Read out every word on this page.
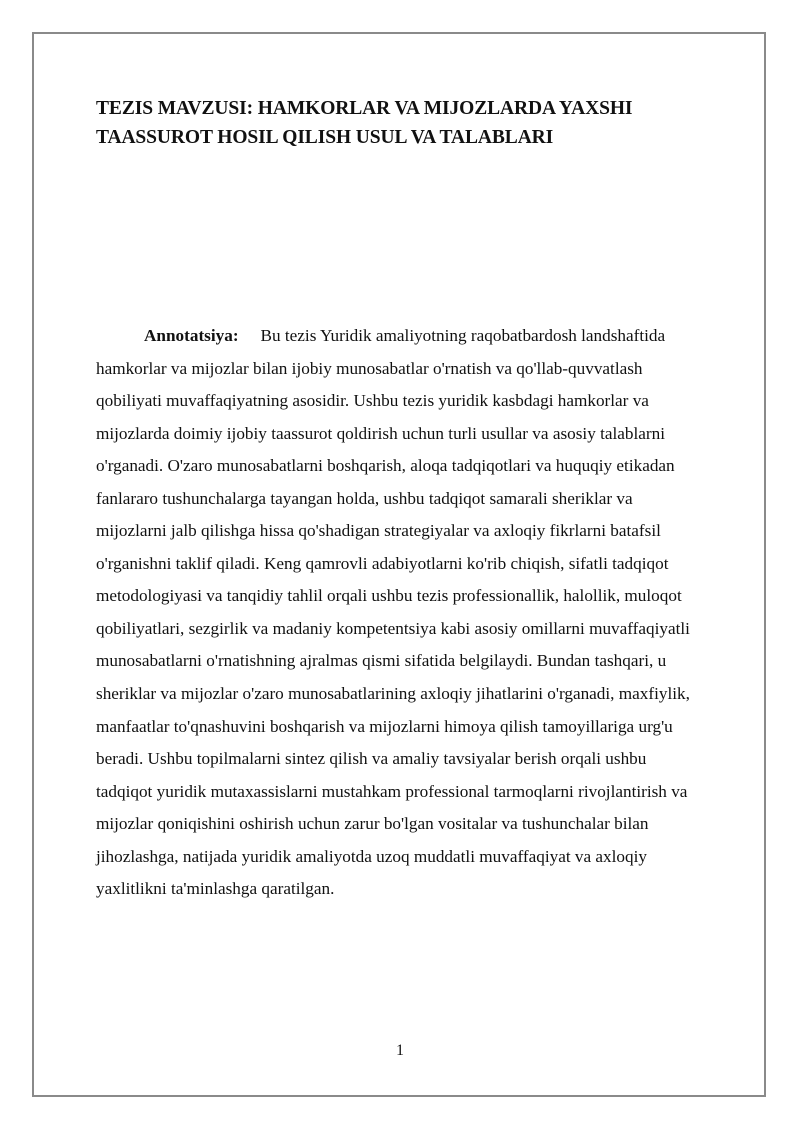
TEZIS MAVZUSI: HAMKORLAR VA MIJOZLARDA YAXSHI
TAASSUROT HOSIL QILISH USUL VA TALABLARI

Annotatsiya: Bu tezis Yuridik amaliyotning raqobatbardosh landshaftida hamkorlar va mijozlar bilan ijobiy munosabatlar o'rnatish va qo'llab-quvvatlash qobiliyati muvaffaqiyatning asosidir. Ushbu tezis yuridik kasbdagi hamkorlar va mijozlarda doimiy ijobiy taassurot qoldirish uchun turli usullar va asosiy talablarni o'rganadi. O'zaro munosabatlarni boshqarish, aloqa tadqiqotlari va huquqiy etikadan fanlararo tushunchalarga tayangan holda, ushbu tadqiqot samarali sheriklar va mijozlarni jalb qilishga hissa qo'shadigan strategiyalar va axloqiy fikrlarni batafsil o'rganishni taklif qiladi. Keng qamrovli adabiyotlarni ko'rib chiqish, sifatli tadqiqot metodologiyasi va tanqidiy tahlil orqali ushbu tezis professionallik, halollik, muloqot qobiliyatlari, sezgirlik va madaniy kompetentsiya kabi asosiy omillarni muvaffaqiyatli munosabatlarni o'rnatishning ajralmas qismi sifatida belgilaydi. Bundan tashqari, u sheriklar va mijozlar o'zaro munosabatlarining axloqiy jihatlarini o'rganadi, maxfiylik, manfaatlar to'qnashuvini boshqarish va mijozlarni himoya qilish tamoyillariga urg'u beradi. Ushbu topilmalarni sintez qilish va amaliy tavsiyalar berish orqali ushbu tadqiqot yuridik mutaxassislarni mustahkam professional tarmoqlarni rivojlantirish va mijozlar qoniqishini oshirish uchun zarur bo'lgan vositalar va tushunchalar bilan jihozlashga, natijada yuridik amaliyotda uzoq muddatli muvaffaqiyat va axloqiy yaxlitlikni ta'minlashga qaratilgan.

1
